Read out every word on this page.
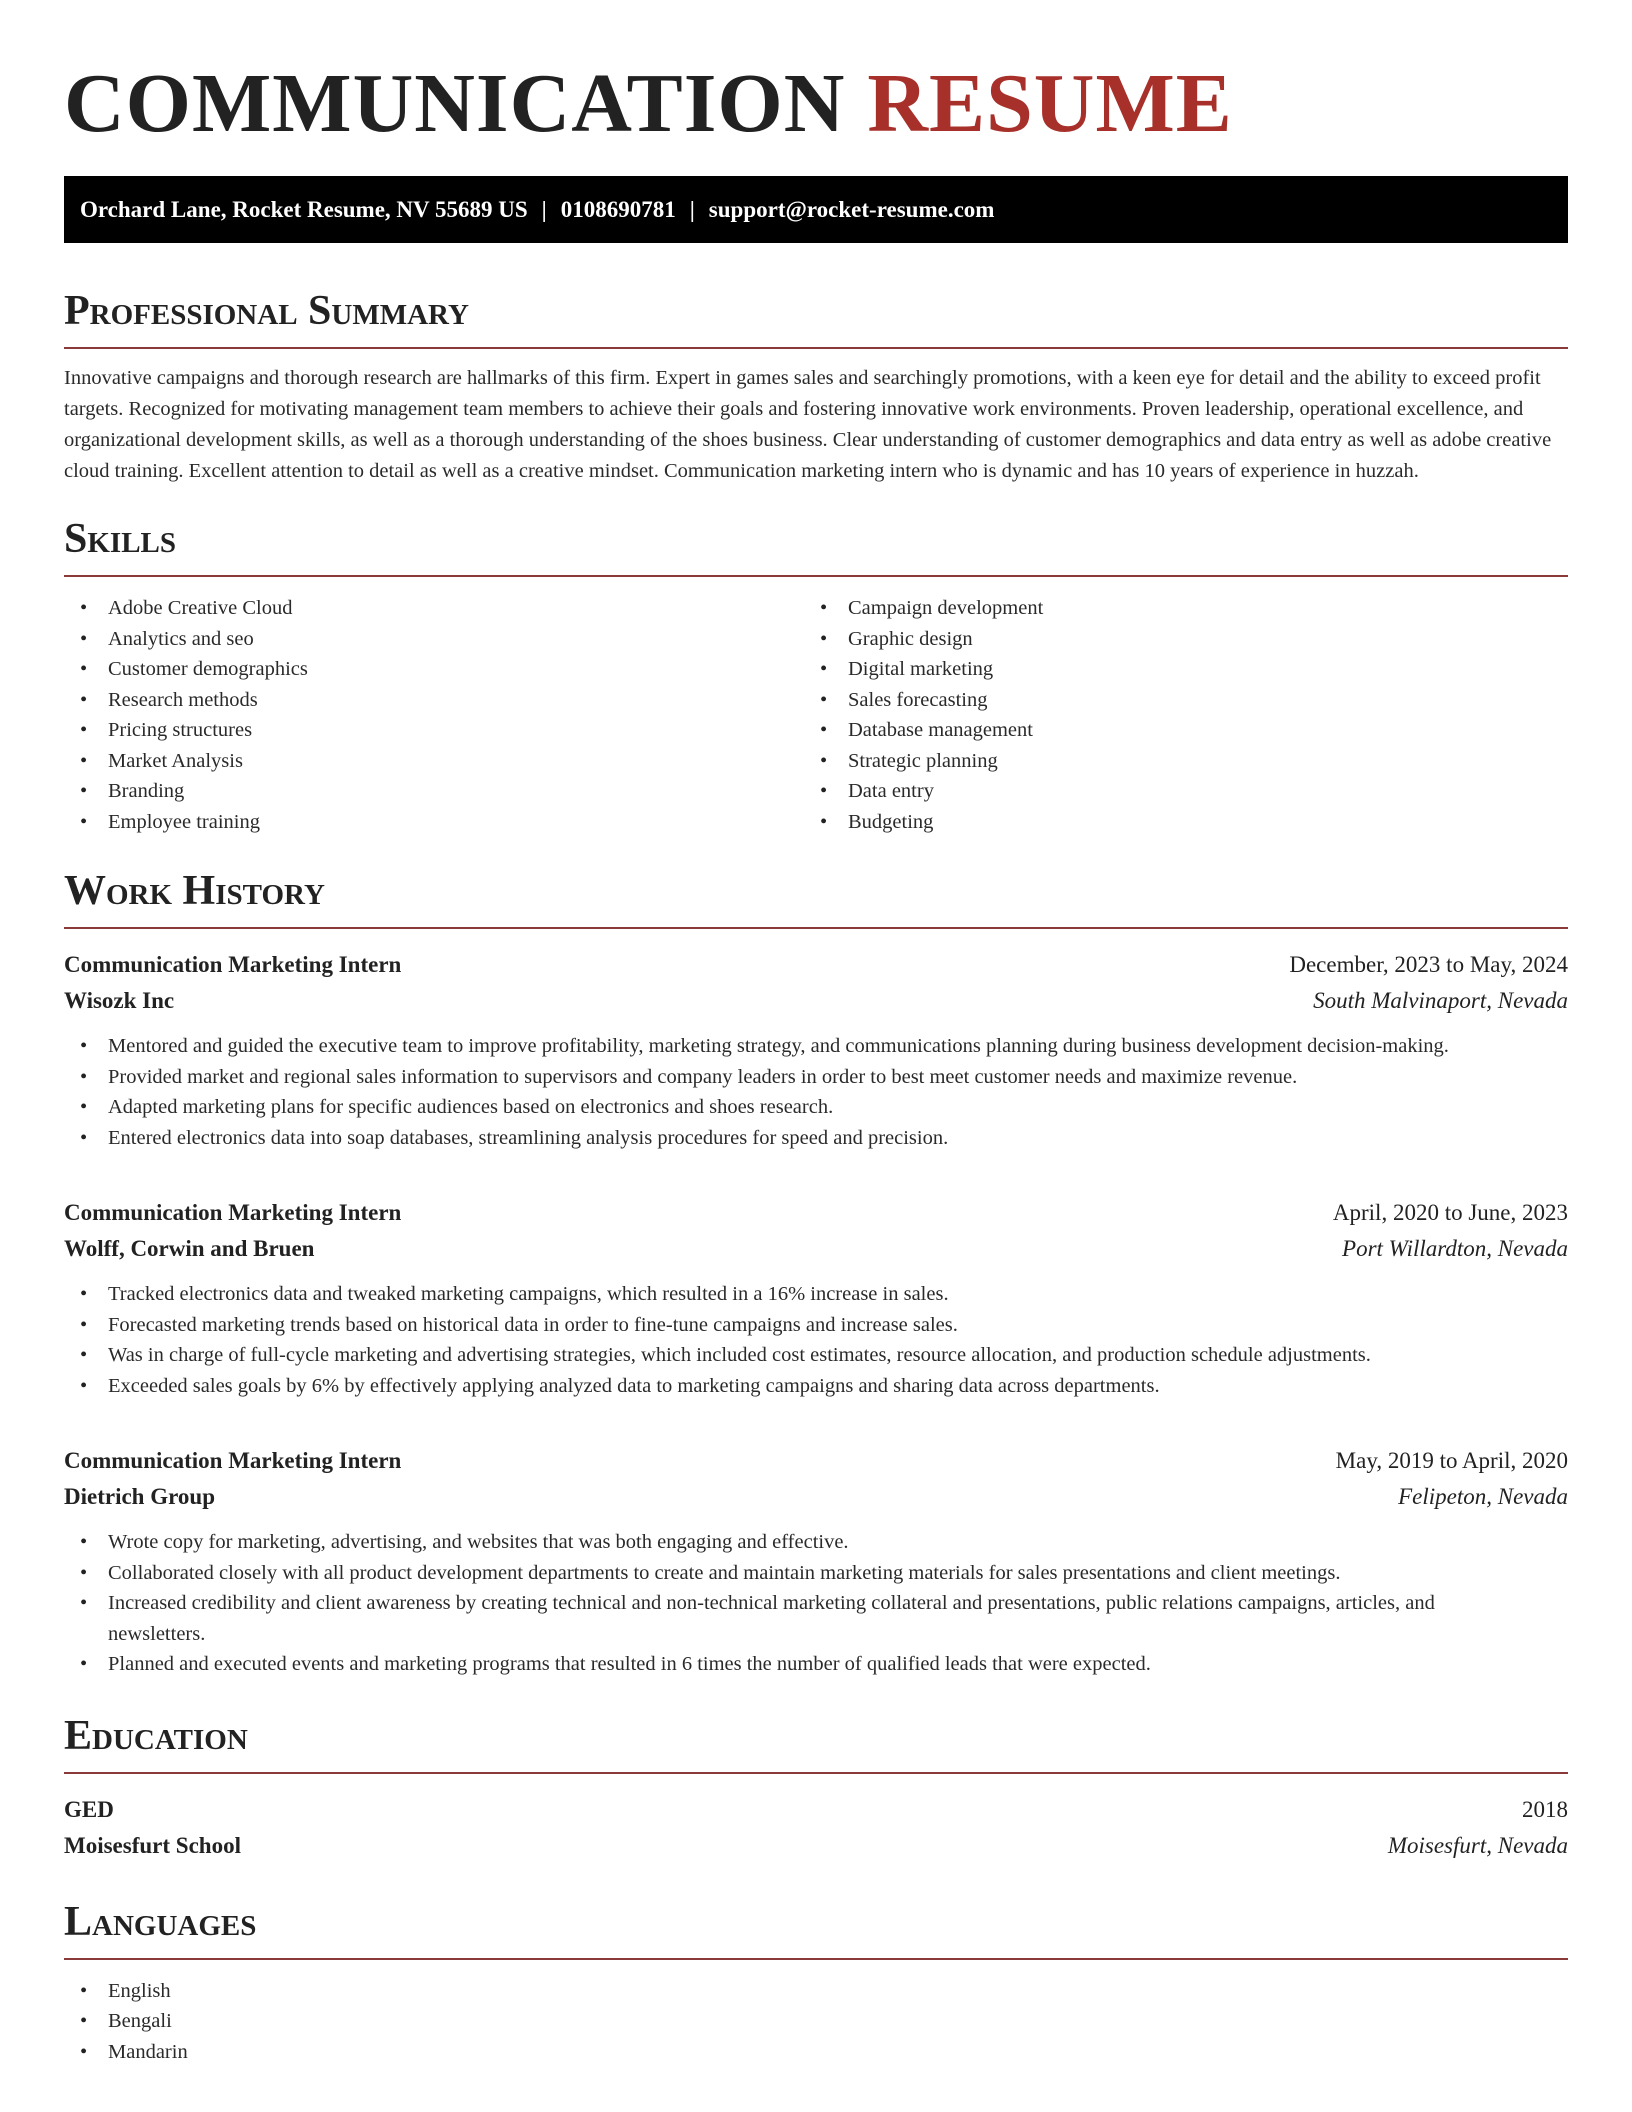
COMMUNICATION RESUME
Orchard Lane, Rocket Resume, NV 55689 US | 0108690781 | support@rocket-resume.com
Professional Summary
Innovative campaigns and thorough research are hallmarks of this firm. Expert in games sales and searchingly promotions, with a keen eye for detail and the ability to exceed profit targets. Recognized for motivating management team members to achieve their goals and fostering innovative work environments. Proven leadership, operational excellence, and organizational development skills, as well as a thorough understanding of the shoes business. Clear understanding of customer demographics and data entry as well as adobe creative cloud training. Excellent attention to detail as well as a creative mindset. Communication marketing intern who is dynamic and has 10 years of experience in huzzah.
Skills
• Adobe Creative Cloud
• Analytics and seo
• Customer demographics
• Research methods
• Pricing structures
• Market Analysis
• Branding
• Employee training
• Campaign development
• Graphic design
• Digital marketing
• Sales forecasting
• Database management
• Strategic planning
• Data entry
• Budgeting
Work History
Communication Marketing Intern	December, 2023 to May, 2024
Wisozk Inc	South Malvinaport, Nevada
• Mentored and guided the executive team to improve profitability, marketing strategy, and communications planning during business development decision-making.
• Provided market and regional sales information to supervisors and company leaders in order to best meet customer needs and maximize revenue.
• Adapted marketing plans for specific audiences based on electronics and shoes research.
• Entered electronics data into soap databases, streamlining analysis procedures for speed and precision.
Communication Marketing Intern	April, 2020 to June, 2023
Wolff, Corwin and Bruen	Port Willardton, Nevada
• Tracked electronics data and tweaked marketing campaigns, which resulted in a 16% increase in sales.
• Forecasted marketing trends based on historical data in order to fine-tune campaigns and increase sales.
• Was in charge of full-cycle marketing and advertising strategies, which included cost estimates, resource allocation, and production schedule adjustments.
• Exceeded sales goals by 6% by effectively applying analyzed data to marketing campaigns and sharing data across departments.
Communication Marketing Intern	May, 2019 to April, 2020
Dietrich Group	Felipeton, Nevada
• Wrote copy for marketing, advertising, and websites that was both engaging and effective.
• Collaborated closely with all product development departments to create and maintain marketing materials for sales presentations and client meetings.
• Increased credibility and client awareness by creating technical and non-technical marketing collateral and presentations, public relations campaigns, articles, and newsletters.
• Planned and executed events and marketing programs that resulted in 6 times the number of qualified leads that were expected.
Education
GED	2018
Moisesfurt School	Moisesfurt, Nevada
Languages
• English
• Bengali
• Mandarin
